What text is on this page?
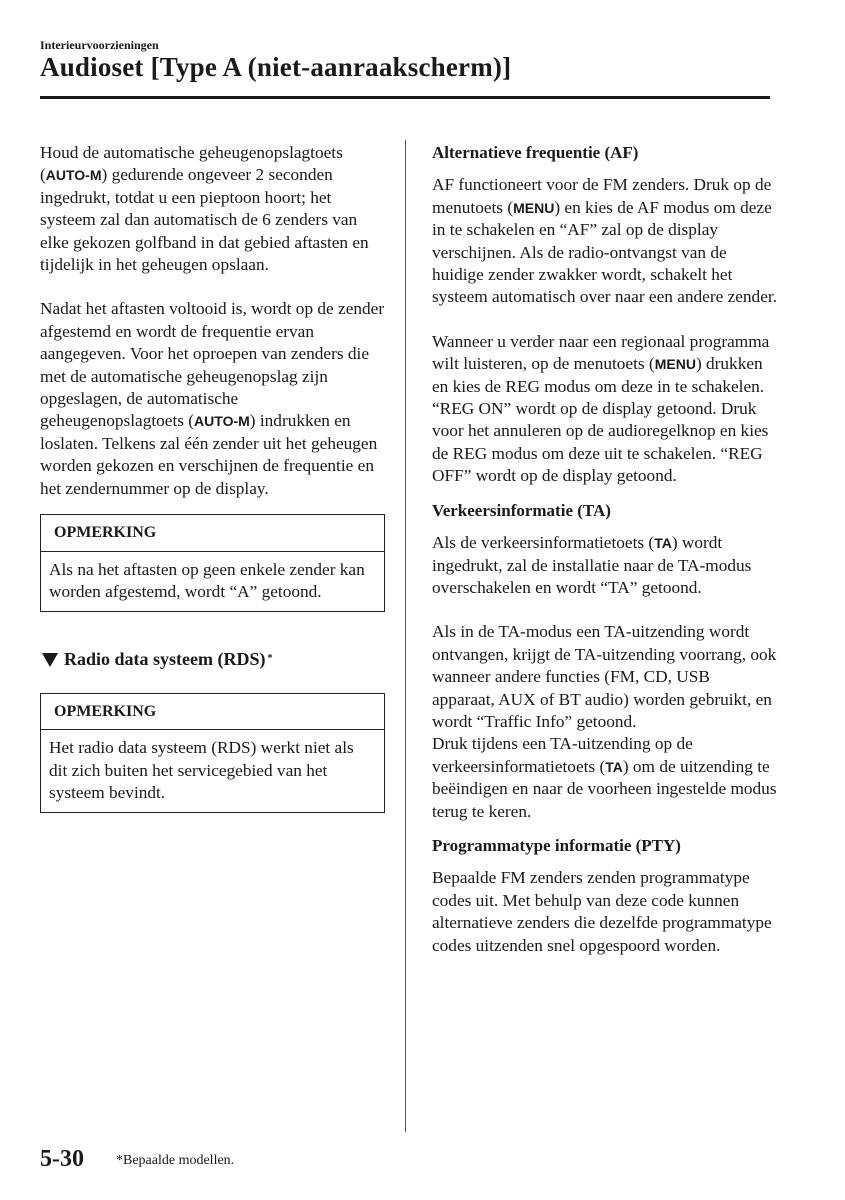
Interieurvoorzieningen
Audioset [Type A (niet-aanraakscherm)]

Houd de automatische geheugenopslagtoets (AUTO-M) gedurende ongeveer 2 seconden ingedrukt, totdat u een pieptoon hoort; het systeem zal dan automatisch de 6 zenders van elke gekozen golfband in dat gebied aftasten en tijdelijk in het geheugen opslaan.

Nadat het aftasten voltooid is, wordt op de zender afgestemd en wordt de frequentie ervan aangegeven. Voor het oproepen van zenders die met de automatische geheugenopslag zijn opgeslagen, de automatische geheugenopslagtoets (AUTO-M) indrukken en loslaten. Telkens zal één zender uit het geheugen worden gekozen en verschijnen de frequentie en het zendernummer op de display.

OPMERKING
Als na het aftasten op geen enkele zender kan worden afgestemd, wordt “A” getoond.
Radio data systeem (RDS) *
OPMERKING
Het radio data systeem (RDS) werkt niet als dit zich buiten het servicegebied van het systeem bevindt.

Alternatieve frequentie (AF)

AF functioneert voor de FM zenders. Druk op de menutoets (MENU) en kies de AF modus om deze in te schakelen en “AF” zal op de display verschijnen. Als de radio-ontvangst van de huidige zender zwakker wordt, schakelt het systeem automatisch over naar een andere zender.

Wanneer u verder naar een regionaal programma wilt luisteren, op de menutoets (MENU) drukken en kies de REG modus om deze in te schakelen. “REG ON” wordt op de display getoond. Druk voor het annuleren op de audioregelknop en kies de REG modus om deze uit te schakelen. “REG OFF” wordt op de display getoond.

Verkeersinformatie (TA)

Als de verkeersinformatietoets (TA) wordt ingedrukt, zal de installatie naar de TA-modus overschakelen en wordt “TA” getoond.

Als in de TA-modus een TA-uitzending wordt ontvangen, krijgt de TA-uitzending voorrang, ook wanneer andere functies (FM, CD, USB apparaat, AUX of BT audio) worden gebruikt, en wordt “Traffic Info” getoond.

Druk tijdens een TA-uitzending op de verkeersinformatietoets (TA) om de uitzending te beëindigen en naar de voorheen ingestelde modus terug te keren.

Programmatype informatie (PTY)

Bepaalde FM zenders zenden programmatype codes uit. Met behulp van deze code kunnen alternatieve zenders die dezelfde programmatype codes uitzenden snel opgespoord worden.

5-30 *Bepaalde modellen.
